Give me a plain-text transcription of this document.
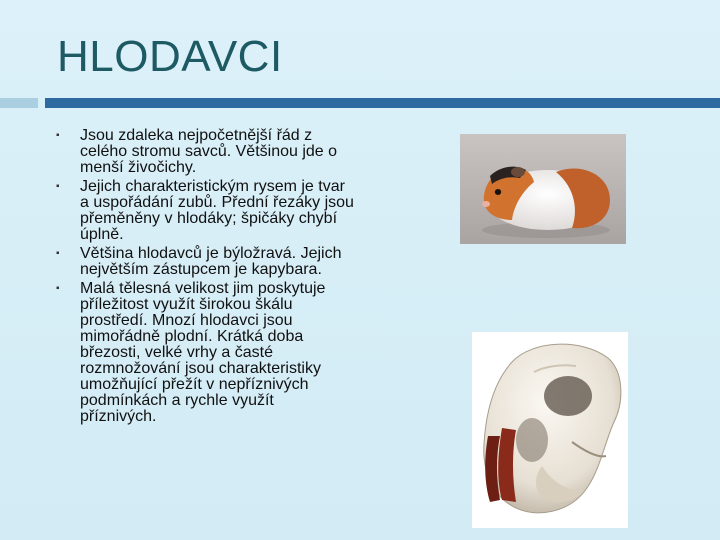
HLODAVCI
▪ Jsou zdaleka nejpočetnější řád z celého stromu savců. Většinou jde o menší živočichy.
▪ Jejich charakteristickým rysem je tvar a uspořádání zubů. Přední řezáky jsou přeměněny v hlodáky; špičáky chybí úplně.
▪ Většina hlodavců je býložravá. Jejich největším zástupcem je kapybara.
▪ Malá tělesná velikost jim poskytuje příležitost využít širokou škálu prostředí. Mnozí hlodavci jsou mimořádně plodní. Krátká doba březosti, velké vrhy a časté rozmnožování jsou charakteristiky umožňující přežít v nepříznivých podmínkách a rychle využít příznivých.
